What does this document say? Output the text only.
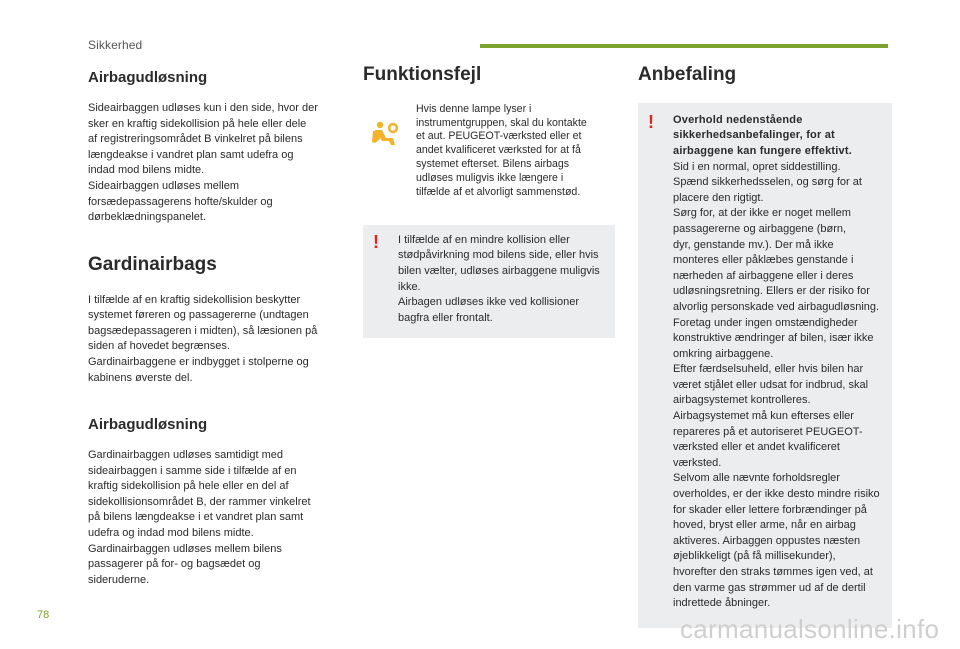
Sikkerhed
Airbagudløsning

Sideairbaggen udløses kun i den side, hvor der
sker en kraftig sidekollision på hele eller dele
af registreringsområdet B vinkelret på bilens
længdeakse i vandret plan samt udefra og
indad mod bilens midte.
Sideairbaggen udløses mellem
forsædepassagerens hofte/skulder og
dørbeklædningspanelet.

Gardinairbags

I tilfælde af en kraftig sidekollision beskytter
systemet føreren og passagererne (undtagen
bagsædepassageren i midten), så læsionen på
siden af hovedet begrænses.
Gardinairbaggene er indbygget i stolperne og
kabinens øverste del.

Airbagudløsning

Gardinairbaggen udløses samtidigt med
sideairbaggen i samme side i tilfælde af en
kraftig sidekollision på hele eller en del af
sidekollisionsområdet B, der rammer vinkelret
på bilens længdeakse i et vandret plan samt
udefra og indad mod bilens midte.
Gardinairbaggen udløses mellem bilens
passagerer på for- og bagsædet og
sideruderne.

Funktionsfejl

Hvis denne lampe lyser i
instrumentgruppen, skal du kontakte
et aut. PEUGEOT-værksted eller et
andet kvalificeret værksted for at få
systemet efterset. Bilens airbags
udløses muligvis ikke længere i
tilfælde af et alvorligt sammenstød.

! I tilfælde af en mindre kollision eller
stødpåvirkning mod bilens side, eller hvis
bilen vælter, udløses airbaggene muligvis
ikke.
Airbagen udløses ikke ved kollisioner
bagfra eller frontalt.

Anbefaling
! Overhold nedenstående
sikkerhedsanbefalinger, for at
airbaggene kan fungere effektivt.

Sid i en normal, opret siddestilling.
Spænd sikkerhedsselen, og sørg for at
placere den rigtigt.
Sørg for, at der ikke er noget mellem
passagererne og airbaggene (børn,
dyr, genstande mv.). Der må ikke
monteres eller påklæbes genstande i
nærheden af airbaggene eller i deres
udløsningsretning. Ellers er der risiko for
alvorlig personskade ved airbagudløsning.
Foretag under ingen omstændigheder
konstruktive ændringer af bilen, især ikke
omkring airbaggene.
Efter færdselsuheld, eller hvis bilen har
været stjålet eller udsat for indbrud, skal
airbagsystemet kontrolleres.
Airbagsystemet må kun efterses eller
repareres på et autoriseret PEUGEOT-
værksted eller et andet kvalificeret
værksted.
Selvom alle nævnte forholdsregler
overholdes, er der ikke desto mindre risiko
for skader eller lettere forbrændinger på
hoved, bryst eller arme, når en airbag
aktiveres. Airbaggen oppustes næsten
øjeblikkeligt (på få millisekunder),
hvorefter den straks tømmes igen ved, at
den varme gas strømmer ud af de dertil
indrettede åbninger.

78	carmanualsonline.info
